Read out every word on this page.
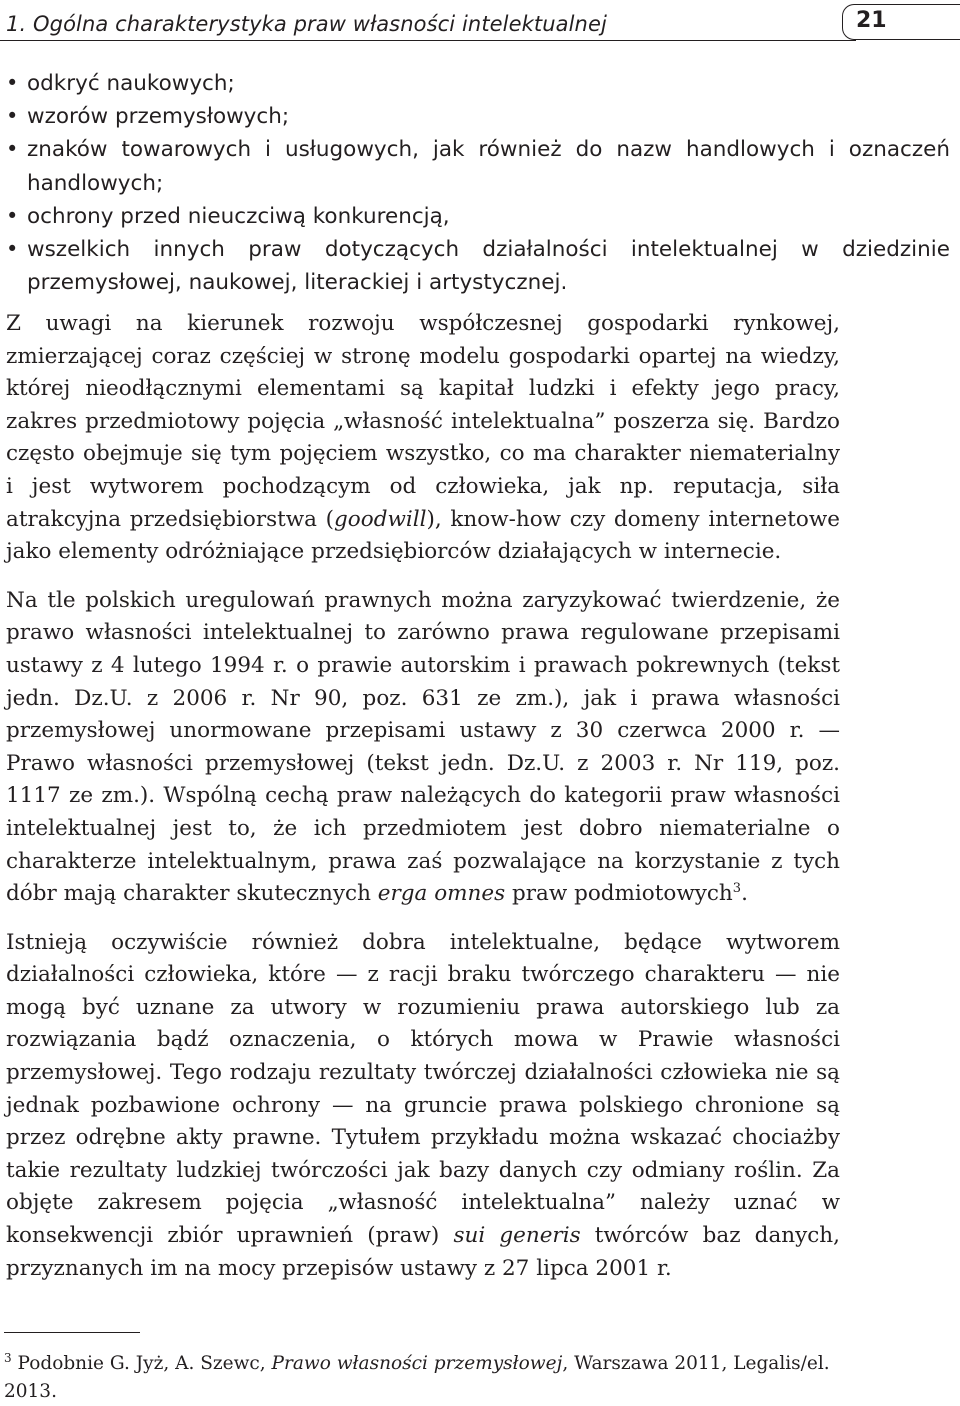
1. Ogólna charakterystyka praw własności intelektualnej	21
• odkryć naukowych;
• wzorów przemysłowych;
• znaków towarowych i usługowych, jak również do nazw handlowych i oznaczeń handlowych;
• ochrony przed nieuczciwą konkurencją,
• wszelkich innych praw dotyczących działalności intelektualnej w dziedzinie przemysłowej, naukowej, literackiej i artystycznej.

Z uwagi na kierunek rozwoju współczesnej gospodarki rynkowej, zmierzającej coraz częściej w stronę modelu gospodarki opartej na wiedzy, której nieodłącznymi elementami są kapitał ludzki i efekty jego pracy, zakres przedmiotowy pojęcia „własność intelektualna” poszerza się. Bardzo często obejmuje się tym pojęciem wszystko, co ma charakter niematerialny i jest wytworem pochodzącym od człowieka, jak np. reputacja, siła atrakcyjna przedsiębiorstwa (goodwill), know-how czy domeny internetowe jako elementy odróżniające przedsiębiorców działających w internecie.

Na tle polskich uregulowań prawnych można zaryzykować twierdzenie, że prawo własności intelektualnej to zarówno prawa regulowane przepisami ustawy z 4 lutego 1994 r. o prawie autorskim i prawach pokrewnych (tekst jedn. Dz.U. z 2006 r. Nr 90, poz. 631 ze zm.), jak i prawa własności przemysłowej unormowane przepisami ustawy z 30 czerwca 2000 r. — Prawo własności przemysłowej (tekst jedn. Dz.U. z 2003 r. Nr 119, poz. 1117 ze zm.). Wspólną cechą praw należących do kategorii praw własności intelektualnej jest to, że ich przedmiotem jest dobro niematerialne o charakterze intelektualnym, prawa zaś pozwalające na korzystanie z tych dóbr mają charakter skutecznych erga omnes praw podmiotowych$^3$.

Istnieją oczywiście również dobra intelektualne, będące wytworem działalności człowieka, które — z racji braku twórczego charakteru — nie mogą być uznane za utwory w rozumieniu prawa autorskiego lub za rozwiązania bądź oznaczenia, o których mowa w Prawie własności przemysłowej. Tego rodzaju rezultaty twórczej działalności człowieka nie są jednak pozbawione ochrony — na gruncie prawa polskiego chronione są przez odrębne akty prawne. Tytułem przykładu można wskazać chociażby takie rezultaty ludzkiej twórczości jak bazy danych czy odmiany roślin. Za objęte zakresem pojęcia „własność intelektualna” należy uznać w konsekwencji zbiór uprawnień (praw) sui generis twórców baz danych, przyznanych im na mocy przepisów ustawy z 27 lipca 2001 r.

$^3$ Podobnie G. Jyż, A. Szewc, Prawo własności przemysłowej, Warszawa 2011, Legalis/el. 2013.
